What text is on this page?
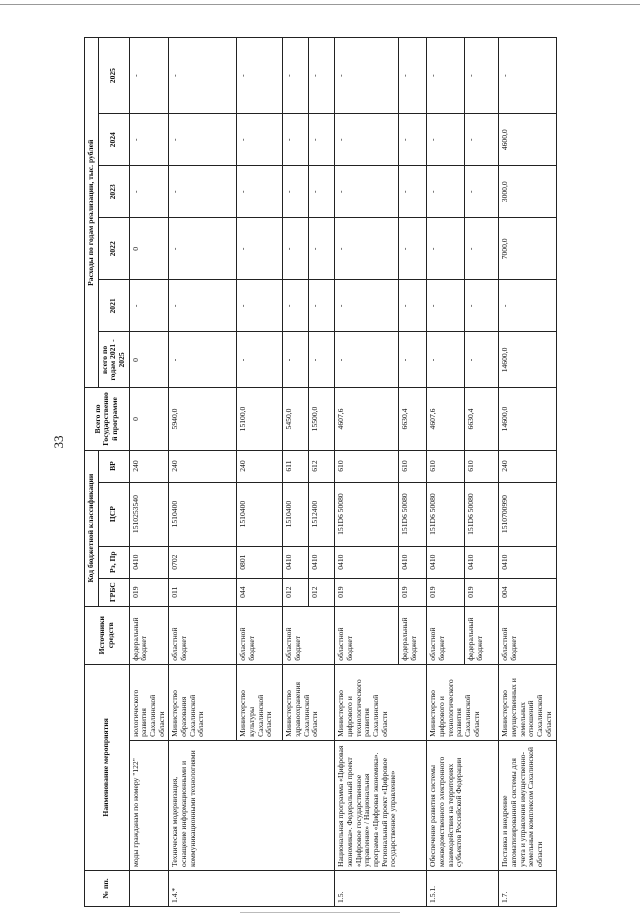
33
№ пп.	Наименование мероприятия		Источники средств	Код бюджетной классификации				Всего по Государственной программе	Расходы по годам реализации, тыс. рублей					
				ГРБС	Рз, Пр	ЦСР	ВР		всего по годам 2021 - 2025	2021	2022	2023	2024	2025
	моды гражданам по номеру "122"	нологического развития Сахалинской области	федеральный бюджет	019	0410	1510253540	240	0	0	-	0	-	-	-
1.4.*	Техническая модернизация, оснащение информационными и коммуникационными технологиями	Министерство образования Сахалинской области	областной бюджет	011	0702	1510400	240	5940,0	-	-	-	-	-	-
		Министерство культуры Сахалинской области	областной бюджет	044	0801	1510400	240	15100,0	-	-	-	-	-	-
		Министерство здравоохранения Сахалинской области	областной бюджет	012	0410	1510400	611	5450,0	-	-	-	-	-	-
				012	0410	1512400	612	15500,0	-	-	-	-	-	-
1.5.	Национальная программа «Цифровая экономика». Федеральный проект «Цифровое государственное управление» / Национальная программа «Цифровая экономика». Региональный проект «Цифровое государственное управление»	Министерство цифрового и технологического развития Сахалинской области	областной бюджет	019	0410	151D6 50080	610	4607,6	-	-	-	-	-	-
			федеральный бюджет	019	0410	151D6 50080	610	6630,4	-	-	-	-	-	-
1.5.1.	Обеспечение развития системы межведомственного электронного взаимодействия на территориях субъектов Российской Федерации	Министерство цифрового и технологического развития Сахалинской области	областной бюджет	019	0410	151D6 50080	610	4607,6	-	-	-	-	-	-
			федеральный бюджет	019	0410	151D6 50080	610	6630,4	-	-	-	-	-	-
1.7.	Поставка и внедрение автоматизированной системы для учета и управления имущественно-земельным комплексом Сахалинской области	Министерство имущественных и земельных отношений Сахалинской области	областной бюджет	004	0410	1510700990	240	14600,0	14600,0	-	7000,0	3000,0	4600,0	-
